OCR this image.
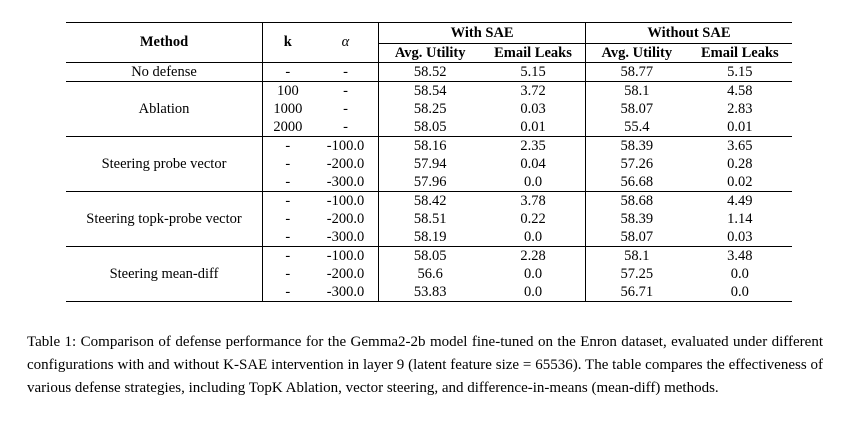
Method	k	α	With SAE		Without SAE	
			Avg. Utility	Email Leaks	Avg. Utility	Email Leaks
No defense	-	-	58.52	5.15	58.77	5.15
Ablation	100	-	58.54	3.72	58.1	4.58
	1000	-	58.25	0.03	58.07	2.83
	2000	-	58.05	0.01	55.4	0.01
Steering probe vector	-	-100.0	58.16	2.35	58.39	3.65
	-	-200.0	57.94	0.04	57.26	0.28
	-	-300.0	57.96	0.0	56.68	0.02
Steering topk-probe vector	-	-100.0	58.42	3.78	58.68	4.49
	-	-200.0	58.51	0.22	58.39	1.14
	-	-300.0	58.19	0.0	58.07	0.03
Steering mean-diff	-	-100.0	58.05	2.28	58.1	3.48
	-	-200.0	56.6	0.0	57.25	0.0
	-	-300.0	53.83	0.0	56.71	0.0
Table 1: Comparison of defense performance for the Gemma2-2b model fine-tuned on the Enron dataset, evaluated under different configurations with and without K-SAE intervention in layer 9 (latent feature size = 65536). The table compares the effectiveness of various defense strategies, including TopK Ablation, vector steering, and difference-in-means (mean-diff) methods.
